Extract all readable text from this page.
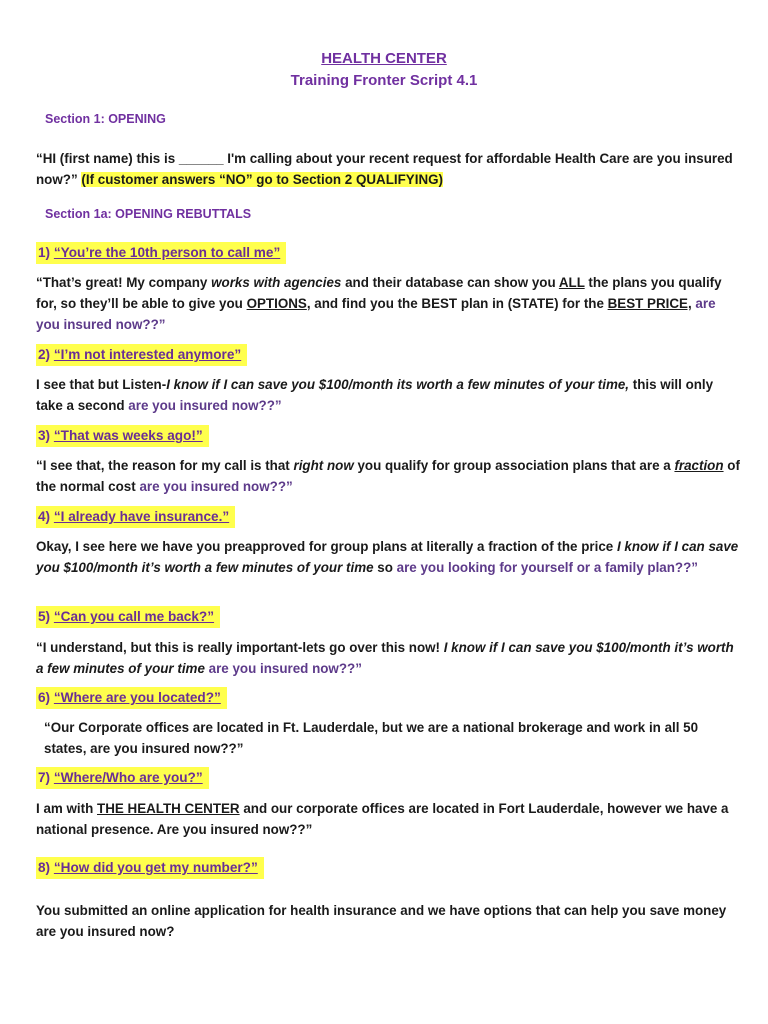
HEALTH CENTER
Training Fronter Script 4.1
Section 1: OPENING
“HI (first name) this is ______ I'm calling about your recent request for affordable Health Care are you insured now?” (If customer answers “NO” go to Section 2 QUALIFYING)
Section 1a: OPENING REBUTTALS
1) “You’re the 10th person to call me”
“That’s great! My company works with agencies and their database can show you ALL the plans you qualify for, so they’ll be able to give you OPTIONS, and find you the BEST plan in (STATE) for the BEST PRICE, are you insured now??”
2) “I’m not interested anymore”
I see that but Listen-I know if I can save you $100/month its worth a few minutes of your time, this will only take a second are you insured now??”
3) “That was weeks ago!”
“I see that, the reason for my call is that right now you qualify for group association plans that are a fraction of the normal cost are you insured now??”
4) “I already have insurance.”
Okay, I see here we have you preapproved for group plans at literally a fraction of the price I know if I can save you $100/month it’s worth a few minutes of your time so are you looking for yourself or a family plan??”
5) “Can you call me back?”
“I understand, but this is really important-lets go over this now! I know if I can save you $100/month it’s worth a few minutes of your time are you insured now??”
6) “Where are you located?”
“Our Corporate offices are located in Ft. Lauderdale, but we are a national brokerage and work in all 50 states, are you insured now??”
7) “Where/Who are you?”
I am with THE HEALTH CENTER and our corporate offices are located in Fort Lauderdale, however we have a national presence. Are you insured now??”
8) “How did you get my number?”
You submitted an online application for health insurance and we have options that can help you save money are you insured now?
